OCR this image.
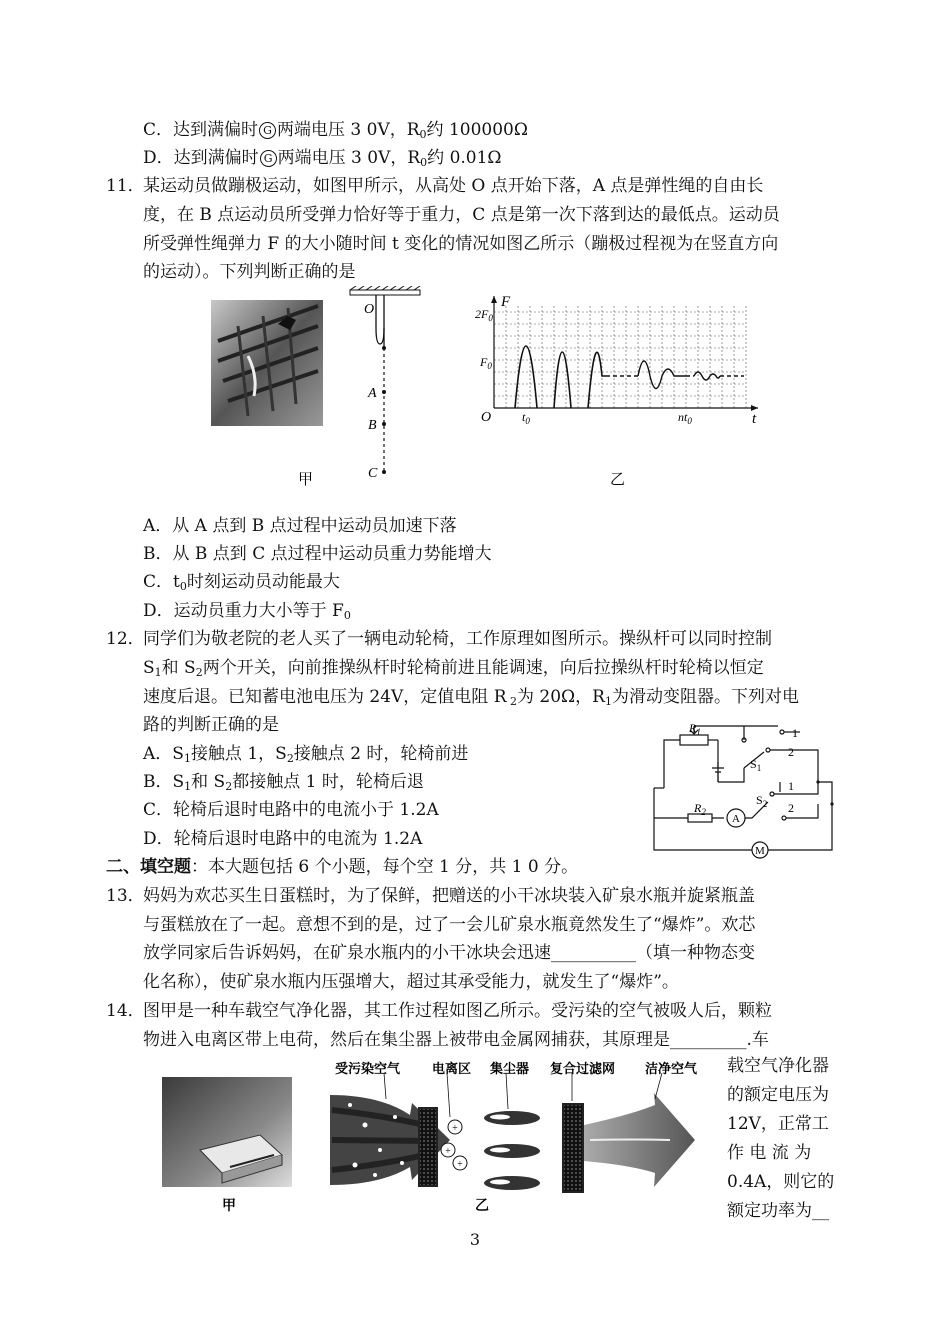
C．达到满偏时 G 两端电压 3 0V，R0约 100000Ω
D．达到满偏时 G 两端电压 3 0V，R0约 0.01Ω
11．
某运动员做蹦极运动，如图甲所示，从高处 O 点开始下落，A 点是弹性绳的自由长
度，在 B 点运动员所受弹力恰好等于重力，C 点是第一次下落到达的最低点。运动员
所受弹性绳弹力 F 的大小随时间 t 变化的情况如图乙所示（蹦极过程视为在竖直方向
的运动）。下列判断正确的是
O
A
B
C
甲
$2F_0$
$F_0$
F
O	$t_0$	$nt_0$	t
乙
A．从 A 点到 B 点过程中运动员加速下落
B．从 B 点到 C 点过程中运动员重力势能增大
C．t0时刻运动员动能最大
D．运动员重力大小等于 F0
12．
同学们为敬老院的老人买了一辆电动轮椅，工作原理如图所示。操纵杆可以同时控制
S1和 S2两个开关，向前推操纵杆时轮椅前进且能调速，向后拉操纵杆时轮椅以恒定
速度后退。已知蓄电池电压为 24V，定值电阻 R 2为 20Ω，R1为滑动变阻器。下列对电
路的判断正确的是
A．S1接触点 1，S2接触点 2 时，轮椅前进
B．S1和 S2都接触点 1 时，轮椅后退
C．轮椅后退时电路中的电流小于 1.2A
D．轮椅后退时电路中的电流为 1.2A
$R_1$
$R_2$
$S_1$
$S_2$
1
2
1
2
A
M
二、填空题：本大题包括 6 个小题，每个空 1 分，共 1 0 分。
13．
妈妈为欢芯买生日蛋糕时，为了保鲜，把赠送的小干冰块装入矿泉水瓶并旋紧瓶盖
与蛋糕放在了一起。意想不到的是，过了一会儿矿泉水瓶竟然发生了“爆炸”。欢芯
放学同家后告诉妈妈，在矿泉水瓶内的小干冰块会迅速__________（填一种物态变
化名称），使矿泉水瓶内压强增大，超过其承受能力，就发生了“爆炸”。
14．
图甲是一种车载空气净化器，其工作过程如图乙所示。受污染的空气被吸人后，颗粒
物进入电离区带上电荷，然后在集尘器上被带电金属网捕获，其原理是_________.车
载空气净化器
的额定电压为
12V，正常工
作 电 流 为
0.4A，则它的
额定功率为__
甲
+
+
+
受污染空气 电离区 集尘器 复合过滤网 洁净空气
乙
3
